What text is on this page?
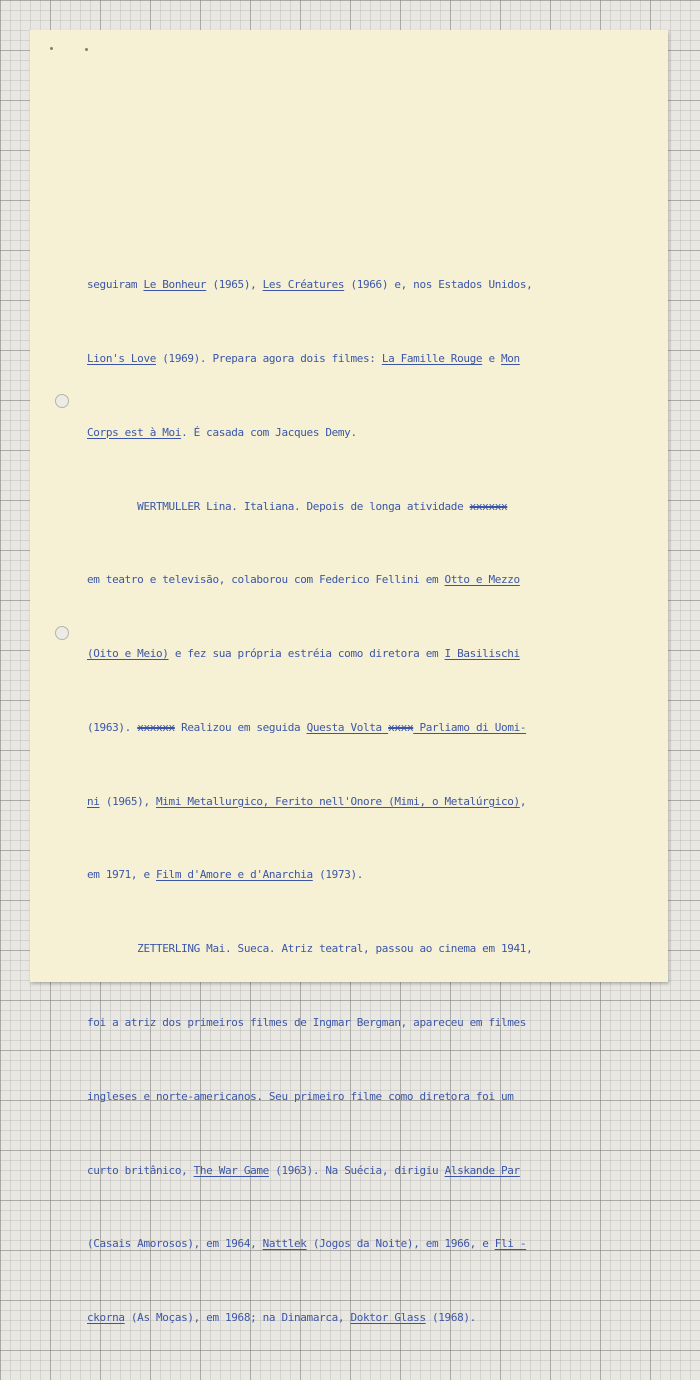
seguiram Le Bonheur (1965), Les Créatures (1966) e, nos Estados Unidos,

Lion's Love (1969). Prepara agora dois filmes: La Famille Rouge e Mon

Corps est à Moi. É casada com Jacques Demy.

WERTMULLER Lina. Italiana. Depois de longa atividade xxxxxx

em teatro e televisão, colaborou com Federico Fellini em Otto e Mezzo

(Oito e Meio) e fez sua própria estréia como diretora em I Basilischi

(1963). xxxxxx Realizou em seguida Questa Volta xxxx Parliamo di Uomi-

ni (1965), Mimi Metallurgico, Ferito nell'Onore (Mimi, o Metalúrgico),

em 1971, e Film d'Amore e d'Anarchia (1973).

ZETTERLING Mai. Sueca. Atriz teatral, passou ao cinema em 1941,

foi a atriz dos primeiros filmes de Ingmar Bergman, apareceu em filmes

ingleses e norte-americanos. Seu primeiro filme como diretora foi um

curto britânico, The War Game (1963). Na Suécia, dirigiu Alskande Par

(Casais Amorosos), em 1964, Nattlek (Jogos da Noite), em 1966, e Fli -

ckorna (As Moças), em 1968; na Dinamarca, Doktor Glass (1968).
